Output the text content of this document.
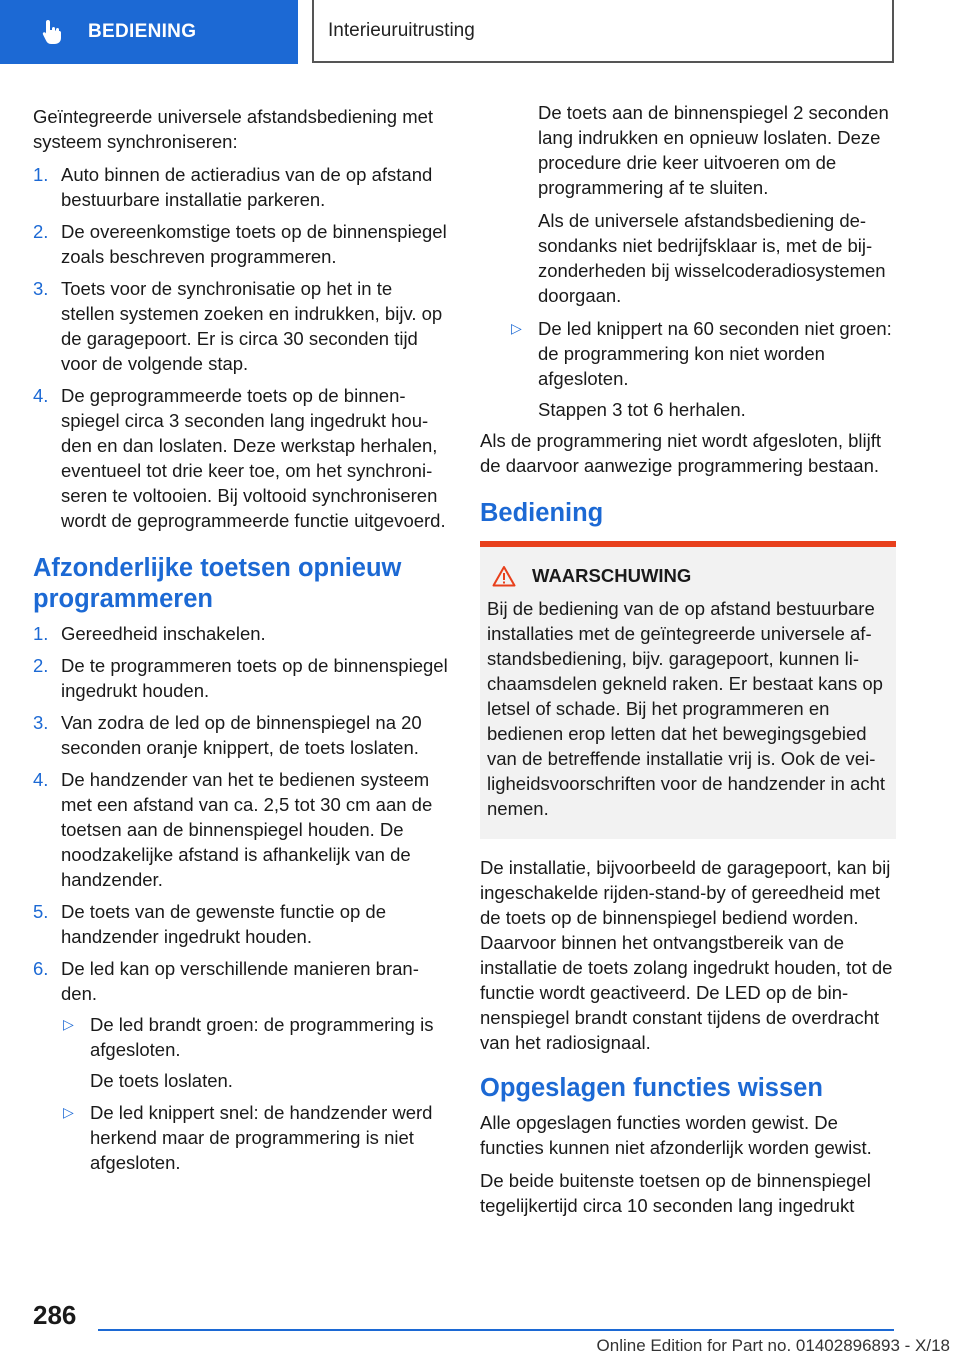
BEDIENING	Interieuruitrusting

Geïntegreerde universele afstandsbediening met systeem synchroniseren:

1. Auto binnen de actieradius van de op afstand bestuurbare installatie parkeren.
2. De overeenkomstige toets op de binnenspiegel zoals beschreven programmeren.
3. Toets voor de synchronisatie op het in te stellen systemen zoeken en indrukken, bijv. op de garagepoort. Er is circa 30 seconden tijd voor de volgende stap.
4. De geprogrammeerde toets op de binnenspiegel circa 3 seconden lang ingedrukt houden en dan loslaten. Deze werkstap herhalen, eventueel tot drie keer toe, om het synchroniseren te voltooien. Bij voltooid synchroniseren wordt de geprogrammeerde functie uitgevoerd.
Afzonderlijke toetsen opnieuw programmeren
1. Gereedheid inschakelen.
2. De te programmeren toets op de binnenspiegel ingedrukt houden.
3. Van zodra de led op de binnenspiegel na 20 seconden oranje knippert, de toets loslaten.
4. De handzender van het te bedienen systeem met een afstand van ca. 2,5 tot 30 cm aan de toetsen aan de binnenspiegel houden. De noodzakelijke afstand is afhankelijk van de handzender.
5. De toets van de gewenste functie op de handzender ingedrukt houden.
6. De led kan op verschillende manieren branden.
▷ De led brandt groen: de programmering is afgesloten.

De toets loslaten.

▷ De led knippert snel: de handzender werd herkend maar de programmering is niet afgesloten.

De toets aan de binnenspiegel 2 seconden lang indrukken en opnieuw loslaten. Deze procedure drie keer uitvoeren om de programmering af te sluiten.

Als de universele afstandsbediening desondanks niet bedrijfsklaar is, met de bijzonderheden bij wisselcoderadiosystemen doorgaan.

▷ De led knippert na 60 seconden niet groen: de programmering kon niet worden afgesloten.

Stappen 3 tot 6 herhalen.

Als de programmering niet wordt afgesloten, blijft de daarvoor aanwezige programmering bestaan.

Bediening
WAARSCHUWING
Bij de bediening van de op afstand bestuurbare installaties met de geïntegreerde universele afstandsbediening, bijv. garagepoort, kunnen lichaamsdelen gekneld raken. Er bestaat kans op letsel of schade. Bij het programmeren en bedienen erop letten dat het bewegingsgebied van de betreffende installatie vrij is. Ook de veiligheidsvoorschriften voor de handzender in acht nemen.

De installatie, bijvoorbeeld de garagepoort, kan bij ingeschakelde rijden-stand-by of gereedheid met de toets op de binnenspiegel bediend worden. Daarvoor binnen het ontvangstbereik van de installatie de toets zolang ingedrukt houden, tot de functie wordt geactiveerd. De LED op de binnenspiegel brandt constant tijdens de overdracht van het radiosignaal.

Opgeslagen functies wissen

Alle opgeslagen functies worden gewist. De functies kunnen niet afzonderlijk worden gewist.

De beide buitenste toetsen op de binnenspiegel tegelijkertijd circa 10 seconden lang ingedrukt

286
Online Edition for Part no. 01402896893 - X/18
